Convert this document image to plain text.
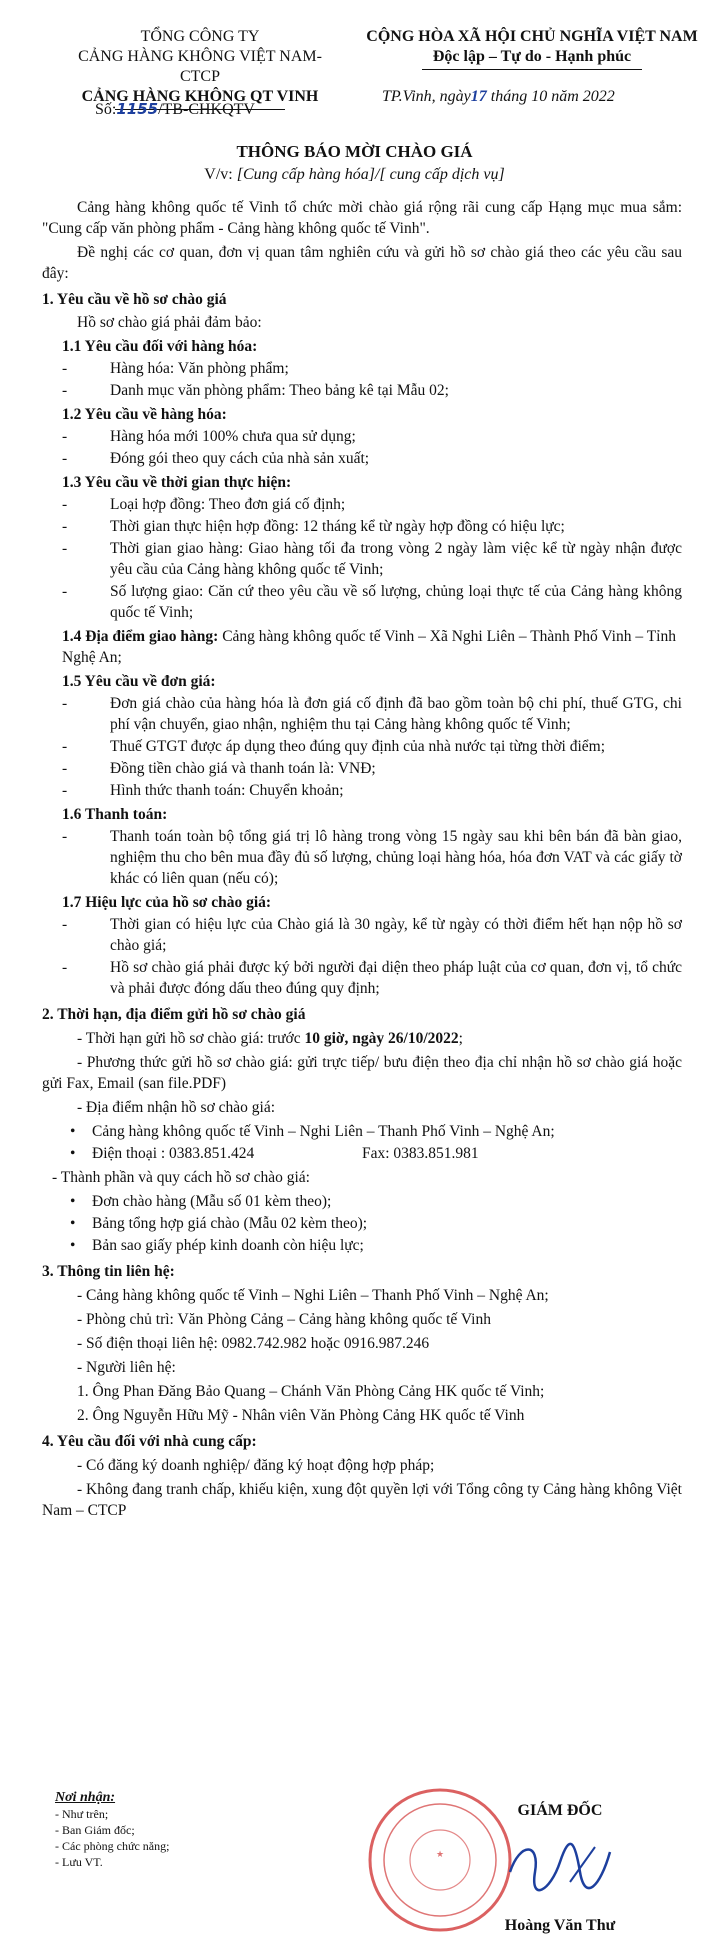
TỔNG CÔNG TY
CẢNG HÀNG KHÔNG VIỆT NAM-CTCP
CẢNG HÀNG KHÔNG QT VINH
CỘNG HÒA XÃ HỘI CHỦ NGHĨA VIỆT NAM
Độc lập – Tự do - Hạnh phúc
Số:1155/TB-CHKQTV
TP.Vinh, ngày17 tháng 10 năm 2022
THÔNG BÁO MỜI CHÀO GIÁ
V/v: [Cung cấp hàng hóa]/[ cung cấp dịch vụ]

Cảng hàng không quốc tế Vinh tổ chức mời chào giá rộng rãi cung cấp Hạng mục mua sắm: "Cung cấp văn phòng phẩm - Cảng hàng không quốc tế Vinh".

Đề nghị các cơ quan, đơn vị quan tâm nghiên cứu và gửi hồ sơ chào giá theo các yêu cầu sau đây:

1. Yêu cầu về hồ sơ chào giá
Hồ sơ chào giá phải đảm bảo:
1.1 Yêu cầu đối với hàng hóa:
-	Hàng hóa: Văn phòng phẩm;
-	Danh mục văn phòng phẩm: Theo bảng kê tại Mẫu 02;
1.2 Yêu cầu về hàng hóa:
-	Hàng hóa mới 100% chưa qua sử dụng;
-	Đóng gói theo quy cách của nhà sản xuất;
1.3 Yêu cầu về thời gian thực hiện:
-	Loại hợp đồng: Theo đơn giá cố định;
-	Thời gian thực hiện hợp đồng: 12 tháng kể từ ngày hợp đồng có hiệu lực;
-	Thời gian giao hàng: Giao hàng tối đa trong vòng 2 ngày làm việc kể từ ngày nhận được yêu cầu của Cảng hàng không quốc tế Vinh;
-	Số lượng giao: Căn cứ theo yêu cầu về số lượng, chủng loại thực tế của Cảng hàng không quốc tế Vinh;
1.4 Địa điểm giao hàng: Cảng hàng không quốc tế Vinh – Xã Nghi Liên – Thành Phố Vinh – Tỉnh Nghệ An;
1.5 Yêu cầu về đơn giá:
-	Đơn giá chào của hàng hóa là đơn giá cố định đã bao gồm toàn bộ chi phí, thuế GTG, chi phí vận chuyển, giao nhận, nghiệm thu tại Cảng hàng không quốc tế Vinh;
-	Thuế GTGT được áp dụng theo đúng quy định của nhà nước tại từng thời điểm;
-	Đồng tiền chào giá và thanh toán là: VNĐ;
-	Hình thức thanh toán: Chuyển khoản;
1.6 Thanh toán:
-	Thanh toán toàn bộ tổng giá trị lô hàng trong vòng 15 ngày sau khi bên bán đã bàn giao, nghiệm thu cho bên mua đầy đủ số lượng, chủng loại hàng hóa, hóa đơn VAT và các giấy tờ khác có liên quan (nếu có);
1.7 Hiệu lực của hồ sơ chào giá:
-	Thời gian có hiệu lực của Chào giá là 30 ngày, kể từ ngày có thời điểm hết hạn nộp hồ sơ chào giá;
-	Hồ sơ chào giá phải được ký bởi người đại diện theo pháp luật của cơ quan, đơn vị, tổ chức và phải được đóng dấu theo đúng quy định;
2. Thời hạn, địa điểm gửi hồ sơ chào giá
- Thời hạn gửi hồ sơ chào giá: trước 10 giờ, ngày 26/10/2022;
- Phương thức gửi hồ sơ chào giá: gửi trực tiếp/ bưu điện theo địa chỉ nhận hồ sơ chào giá hoặc gửi Fax, Email (san file.PDF)
- Địa điểm nhận hồ sơ chào giá:
• Cảng hàng không quốc tế Vinh – Nghi Liên – Thanh Phố Vinh – Nghệ An;
• Điện thoại : 0383.851.424	Fax: 0383.851.981
- Thành phần và quy cách hồ sơ chào giá:
• Đơn chào hàng (Mẫu số 01 kèm theo);
• Bảng tổng hợp giá chào (Mẫu 02 kèm theo);
• Bản sao giấy phép kinh doanh còn hiệu lực;
3. Thông tin liên hệ:
- Cảng hàng không quốc tế Vinh – Nghi Liên – Thanh Phố Vinh – Nghệ An;
- Phòng chủ trì: Văn Phòng Cảng – Cảng hàng không quốc tế Vinh
- Số điện thoại liên hệ: 0982.742.982 hoặc 0916.987.246
- Người liên hệ:
1. Ông Phan Đăng Bảo Quang – Chánh Văn Phòng Cảng HK quốc tế Vinh;
2. Ông Nguyễn Hữu Mỹ - Nhân viên Văn Phòng Cảng HK quốc tế Vinh
4. Yêu cầu đối với nhà cung cấp:
- Có đăng ký doanh nghiệp/ đăng ký hoạt động hợp pháp;
- Không đang tranh chấp, khiếu kiện, xung đột quyền lợi với Tổng công ty Cảng hàng không Việt Nam – CTCP
Nơi nhận:
- Như trên;
- Ban Giám đốc;
- Các phòng chức năng;
- Lưu VT.	★
GIÁM ĐỐC
Hoàng Văn Thư
